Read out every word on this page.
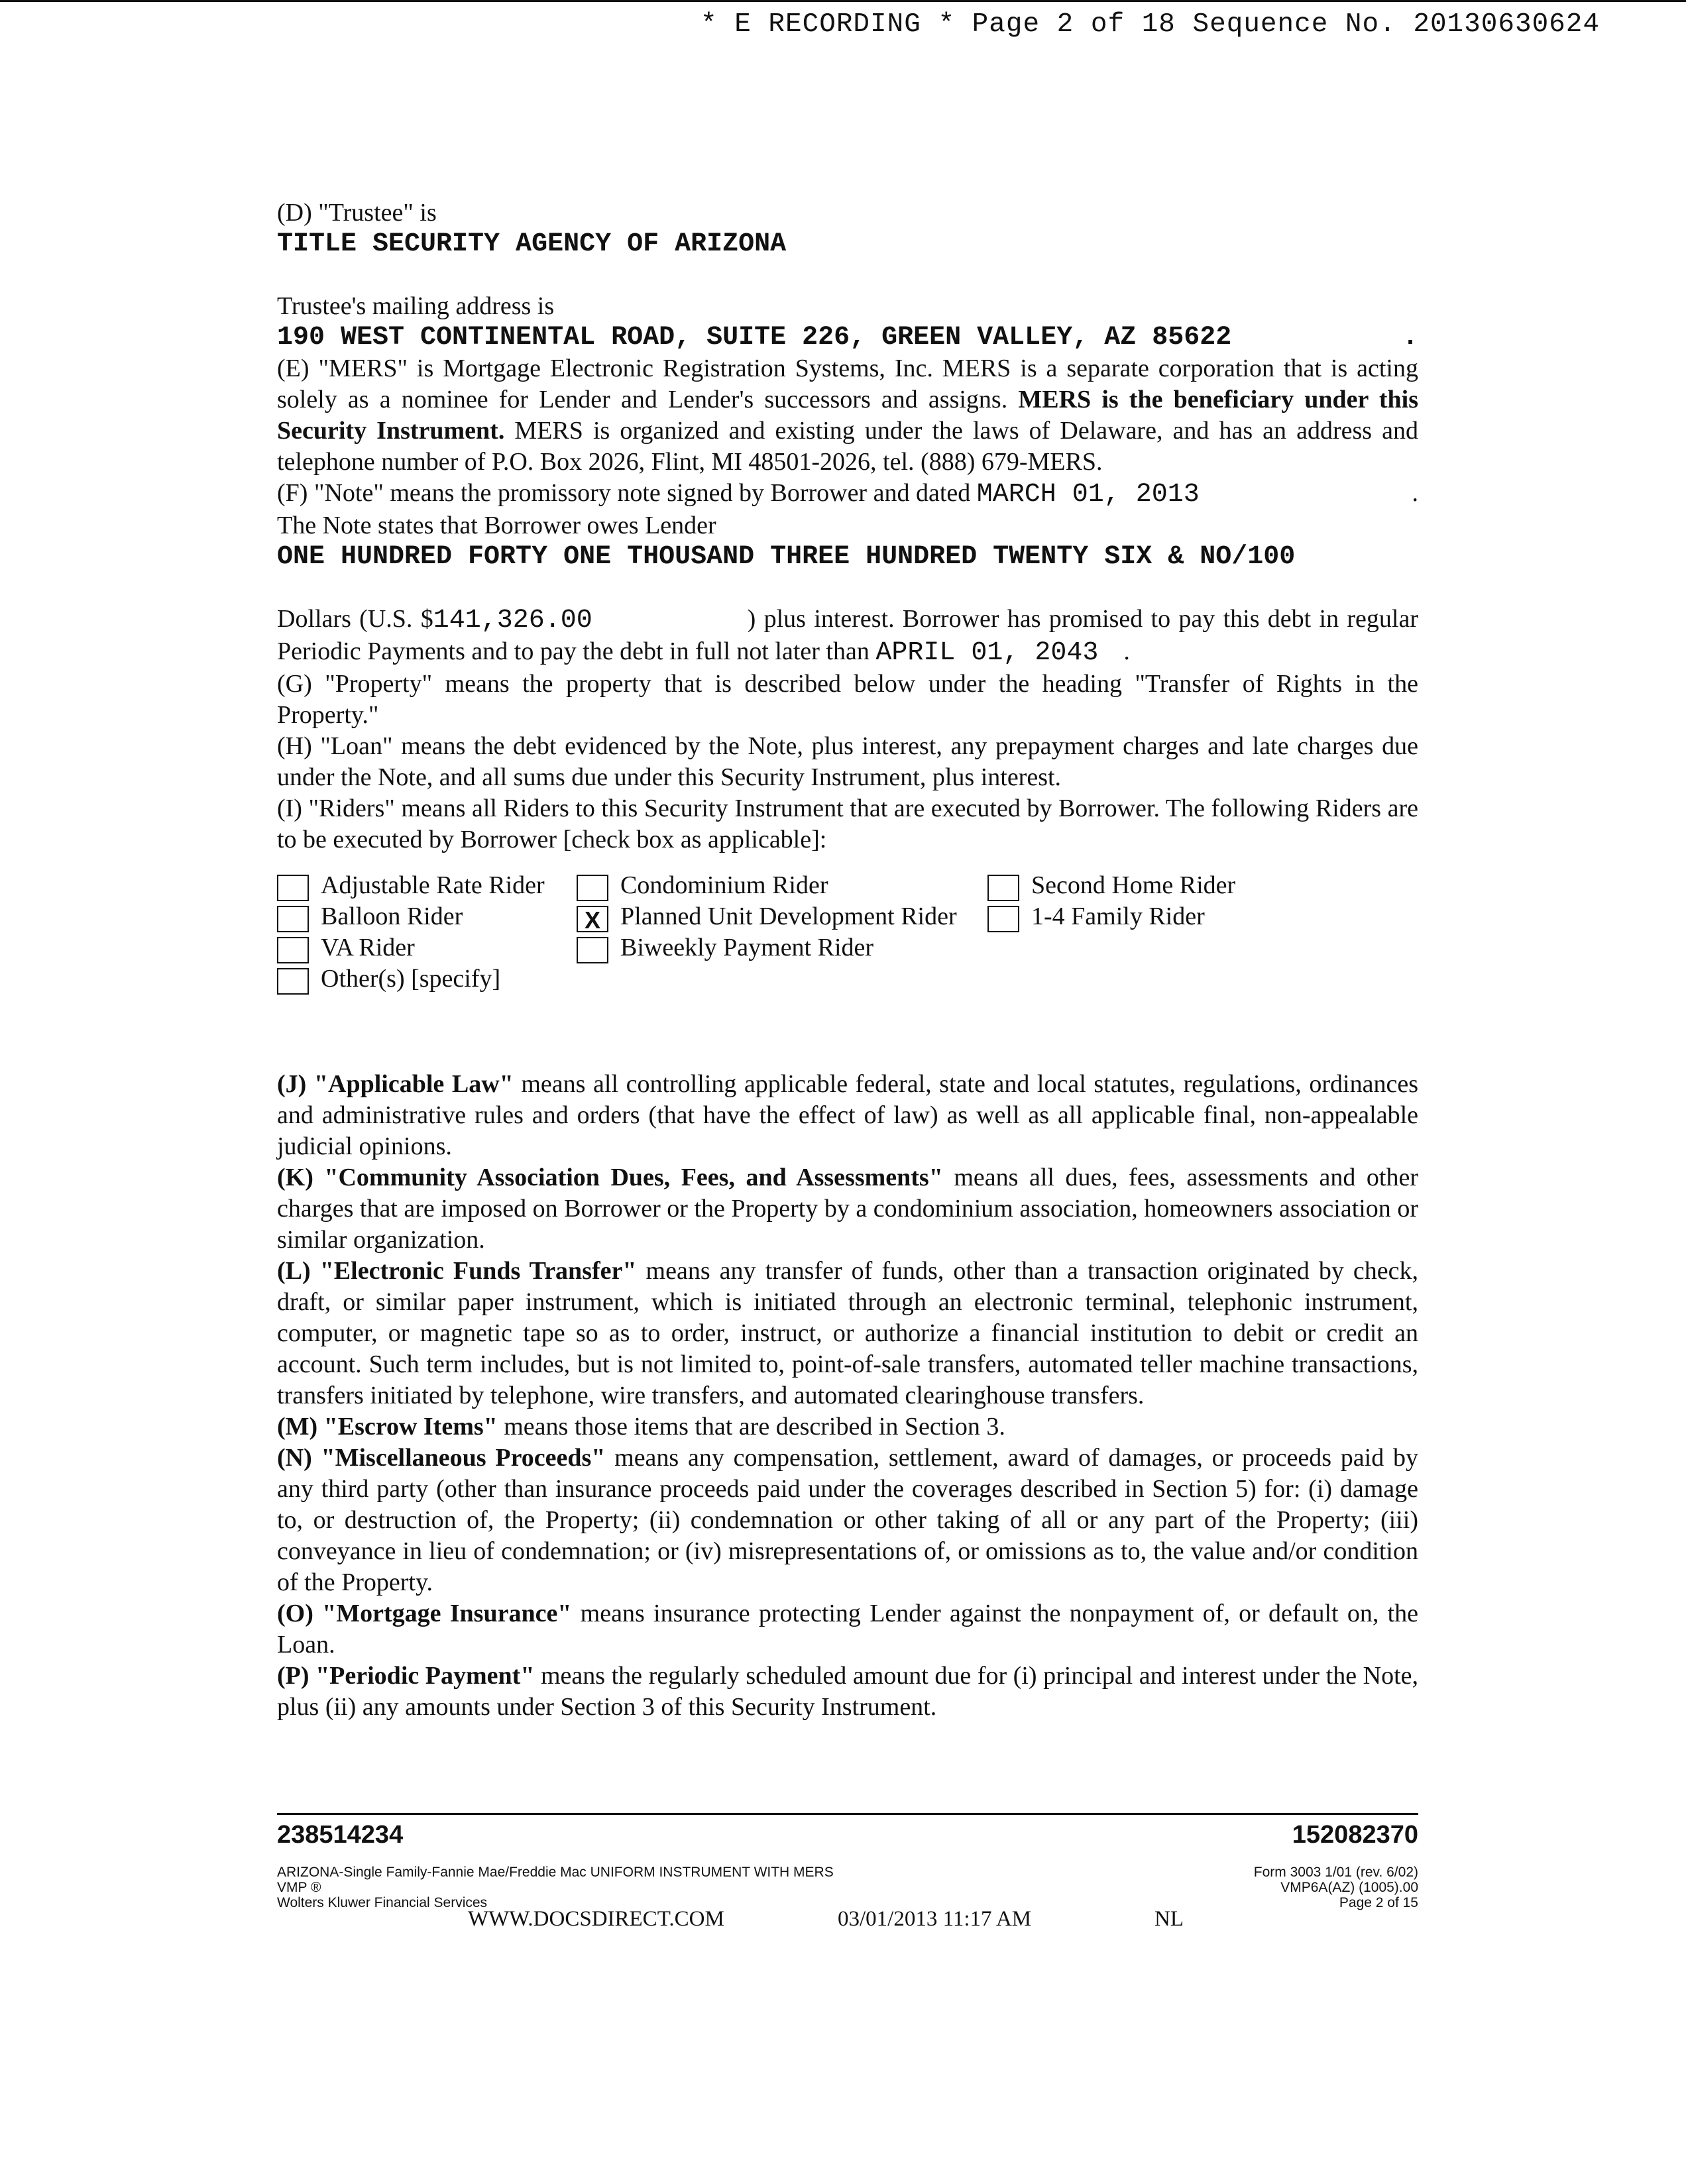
* E RECORDING * Page 2 of 18 Sequence No. 20130630624

(D) "Trustee" is

TITLE SECURITY AGENCY OF ARIZONA

Trustee's mailing address is

190 WEST CONTINENTAL ROAD, SUITE 226, GREEN VALLEY, AZ 85622	.

(E) "MERS" is Mortgage Electronic Registration Systems, Inc. MERS is a separate corporation that is acting solely as a nominee for Lender and Lender's successors and assigns. MERS is the beneficiary under this Security Instrument. MERS is organized and existing under the laws of Delaware, and has an address and telephone number of P.O. Box 2026, Flint, MI 48501-2026, tel. (888) 679-MERS.

(F) "Note" means the promissory note signed by Borrower and dated MARCH 01, 2013	.

The Note states that Borrower owes Lender

ONE HUNDRED FORTY ONE THOUSAND THREE HUNDRED TWENTY SIX & NO/100

Dollars (U.S. $141,326.00	) plus interest. Borrower has promised to pay this debt in regular Periodic Payments and to pay the debt in full not later than APRIL 01, 2043    .

(G) "Property" means the property that is described below under the heading "Transfer of Rights in the Property."

(H) "Loan" means the debt evidenced by the Note, plus interest, any prepayment charges and late charges due under the Note, and all sums due under this Security Instrument, plus interest.

(I) "Riders" means all Riders to this Security Instrument that are executed by Borrower. The following Riders are to be executed by Borrower [check box as applicable]:

Adjustable Rate Rider	Condominium Rider	Second Home Rider
Balloon Rider	X Planned Unit Development Rider	1-4 Family Rider
VA Rider	Biweekly Payment Rider
Other(s) [specify]

(J) "Applicable Law" means all controlling applicable federal, state and local statutes, regulations, ordinances and administrative rules and orders (that have the effect of law) as well as all applicable final, non-appealable judicial opinions.

(K) "Community Association Dues, Fees, and Assessments" means all dues, fees, assessments and other charges that are imposed on Borrower or the Property by a condominium association, homeowners association or similar organization.

(L) "Electronic Funds Transfer" means any transfer of funds, other than a transaction originated by check, draft, or similar paper instrument, which is initiated through an electronic terminal, telephonic instrument, computer, or magnetic tape so as to order, instruct, or authorize a financial institution to debit or credit an account. Such term includes, but is not limited to, point-of-sale transfers, automated teller machine transactions, transfers initiated by telephone, wire transfers, and automated clearinghouse transfers.

(M) "Escrow Items" means those items that are described in Section 3.

(N) "Miscellaneous Proceeds" means any compensation, settlement, award of damages, or proceeds paid by any third party (other than insurance proceeds paid under the coverages described in Section 5) for: (i) damage to, or destruction of, the Property; (ii) condemnation or other taking of all or any part of the Property; (iii) conveyance in lieu of condemnation; or (iv) misrepresentations of, or omissions as to, the value and/or condition of the Property.

(O) "Mortgage Insurance" means insurance protecting Lender against the nonpayment of, or default on, the Loan.

(P) "Periodic Payment" means the regularly scheduled amount due for (i) principal and interest under the Note, plus (ii) any amounts under Section 3 of this Security Instrument.

238514234	152082370
ARIZONA-Single Family-Fannie Mae/Freddie Mac UNIFORM INSTRUMENT WITH MERS
VMP ®
Wolters Kluwer Financial Services
Form 3003 1/01 (rev. 6/02)
VMP6A(AZ) (1005).00
Page 2 of 15
WWW.DOCSDIRECT.COM	03/01/2013 11:17 AM	NL
